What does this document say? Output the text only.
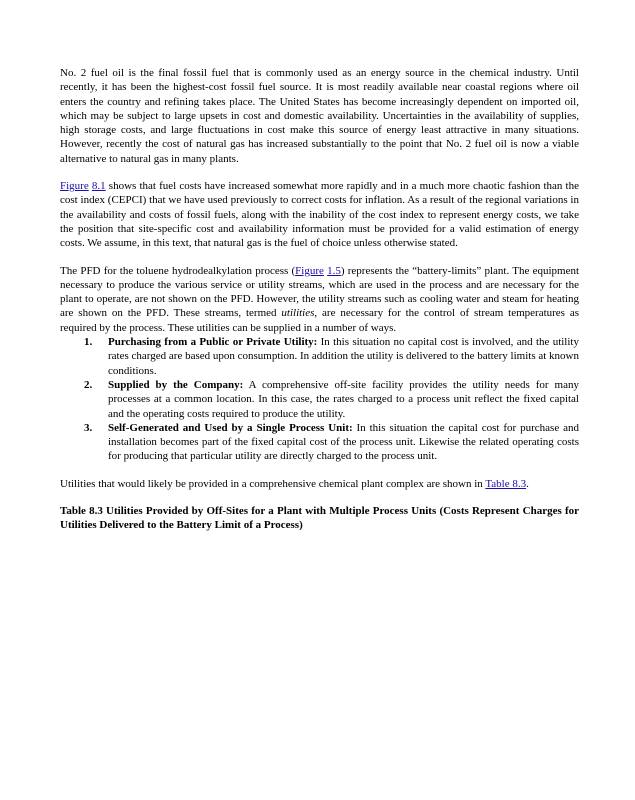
No. 2 fuel oil is the final fossil fuel that is commonly used as an energy source in the chemical industry. Until recently, it has been the highest-cost fossil fuel source. It is most readily available near coastal regions where oil enters the country and refining takes place. The United States has become increasingly dependent on imported oil, which may be subject to large upsets in cost and domestic availability. Uncertainties in the availability of supplies, high storage costs, and large fluctuations in cost make this source of energy least attractive in many situations. However, recently the cost of natural gas has increased substantially to the point that No. 2 fuel oil is now a viable alternative to natural gas in many plants.

Figure 8.1 shows that fuel costs have increased somewhat more rapidly and in a much more chaotic fashion than the cost index (CEPCI) that we have used previously to correct costs for inflation. As a result of the regional variations in the availability and costs of fossil fuels, along with the inability of the cost index to represent energy costs, we take the position that site-specific cost and availability information must be provided for a valid estimation of energy costs. We assume, in this text, that natural gas is the fuel of choice unless otherwise stated.

The PFD for the toluene hydrodealkylation process (Figure 1.5) represents the “battery-limits” plant. The equipment necessary to produce the various service or utility streams, which are used in the process and are necessary for the plant to operate, are not shown on the PFD. However, the utility streams such as cooling water and steam for heating are shown on the PFD. These streams, termed utilities, are necessary for the control of stream temperatures as required by the process. These utilities can be supplied in a number of ways.

1. Purchasing from a Public or Private Utility: In this situation no capital cost is involved, and the utility rates charged are based upon consumption. In addition the utility is delivered to the battery limits at known conditions.
2. Supplied by the Company: A comprehensive off-site facility provides the utility needs for many processes at a common location. In this case, the rates charged to a process unit reflect the fixed capital and the operating costs required to produce the utility.
3. Self-Generated and Used by a Single Process Unit: In this situation the capital cost for purchase and installation becomes part of the fixed capital cost of the process unit. Likewise the related operating costs for producing that particular utility are directly charged to the process unit.

Utilities that would likely be provided in a comprehensive chemical plant complex are shown in Table 8.3.

Table 8.3 Utilities Provided by Off-Sites for a Plant with Multiple Process Units (Costs Represent Charges for Utilities Delivered to the Battery Limit of a Process)
